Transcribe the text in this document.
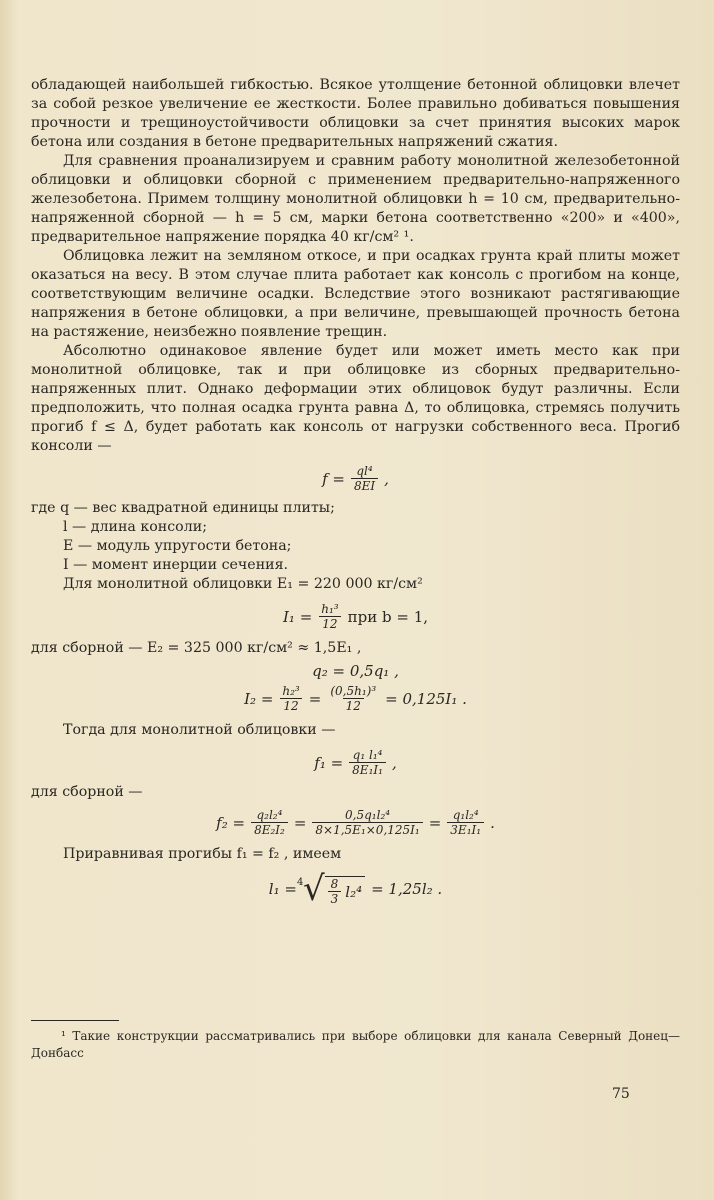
обладающей наибольшей гибкостью. Всякое утолщение бетонной облицовки влечет за собой резкое увеличение ее жесткости. Более правильно добиваться повышения прочности и трещиноустойчивости облицовки за счет принятия высоких марок бетона или создания в бетоне предварительных напряжений сжатия.

Для сравнения проанализируем и сравним работу монолитной железобетонной облицовки и облицовки сборной с применением предварительно-напряженного железобетона. Примем толщину монолитной облицовки h = 10 см, предварительно-напряженной сборной — h = 5 см, марки бетона соответственно «200» и «400», предварительное напряжение порядка 40 кг/см² ¹.

Облицовка лежит на земляном откосе, и при осадках грунта край плиты может оказаться на весу. В этом случае плита работает как консоль с прогибом на конце, соответствующим величине осадки. Вследствие этого возникают растягивающие напряжения в бетоне облицовки, а при величине, превышающей прочность бетона на растяжение, неизбежно появление трещин.

Абсолютно одинаковое явление будет или может иметь место как при монолитной облицовке, так и при облицовке из сборных предварительно-напряженных плит. Однако деформации этих облицовок будут различны. Если предположить, что полная осадка грунта равна Δ, то облицовка, стремясь получить прогиб f ≤ Δ, будет работать как консоль от нагрузки собственного веса. Прогиб консоли —

$f = \frac{\text{ql⁴}}{8EI}$ ,
где q — вес квадратной единицы плиты;
l — длина консоли;
E — модуль упругости бетона;
I — момент инерции сечения.

Для монолитной облицовки E₁ = 220 000 кг/см²

$I_1 = \frac{\text{h₁³}}{12}$ при b = 1,

для сборной — E₂ = 325 000 кг/см² ≈ 1,5E₁ ,

q₂ = 0,5q₁ ,
$I_2 = \frac{\text{h₂³}}{12} = \frac{\text{(0,5h₁)³}}{12} = 0,125I_1$ .

Тогда для монолитной облицовки —

$f_1 = \frac{\text{q₁ l₁⁴}}{\text{8E₁I₁}}$ ,

для сборной —

$f_2 = \frac{\text{q₂l₂⁴}}{\text{8E₂I₂}} = \frac{\text{0,5q₁l₂⁴}}{\text{8×1,5E₁×0,125I₁}} = \frac{\text{q₁l₂⁴}}{\text{3E₁I₁}}$ .

Приравнивая прогибы f₁ = f₂ , имеем

l₁ = 4 √ $\frac{8}{3} l_2^4 = 1,25l_2$ .
¹ Такие конструкции рассматривались при выборе облицовки для канала Северный Донец—Донбасс
75
